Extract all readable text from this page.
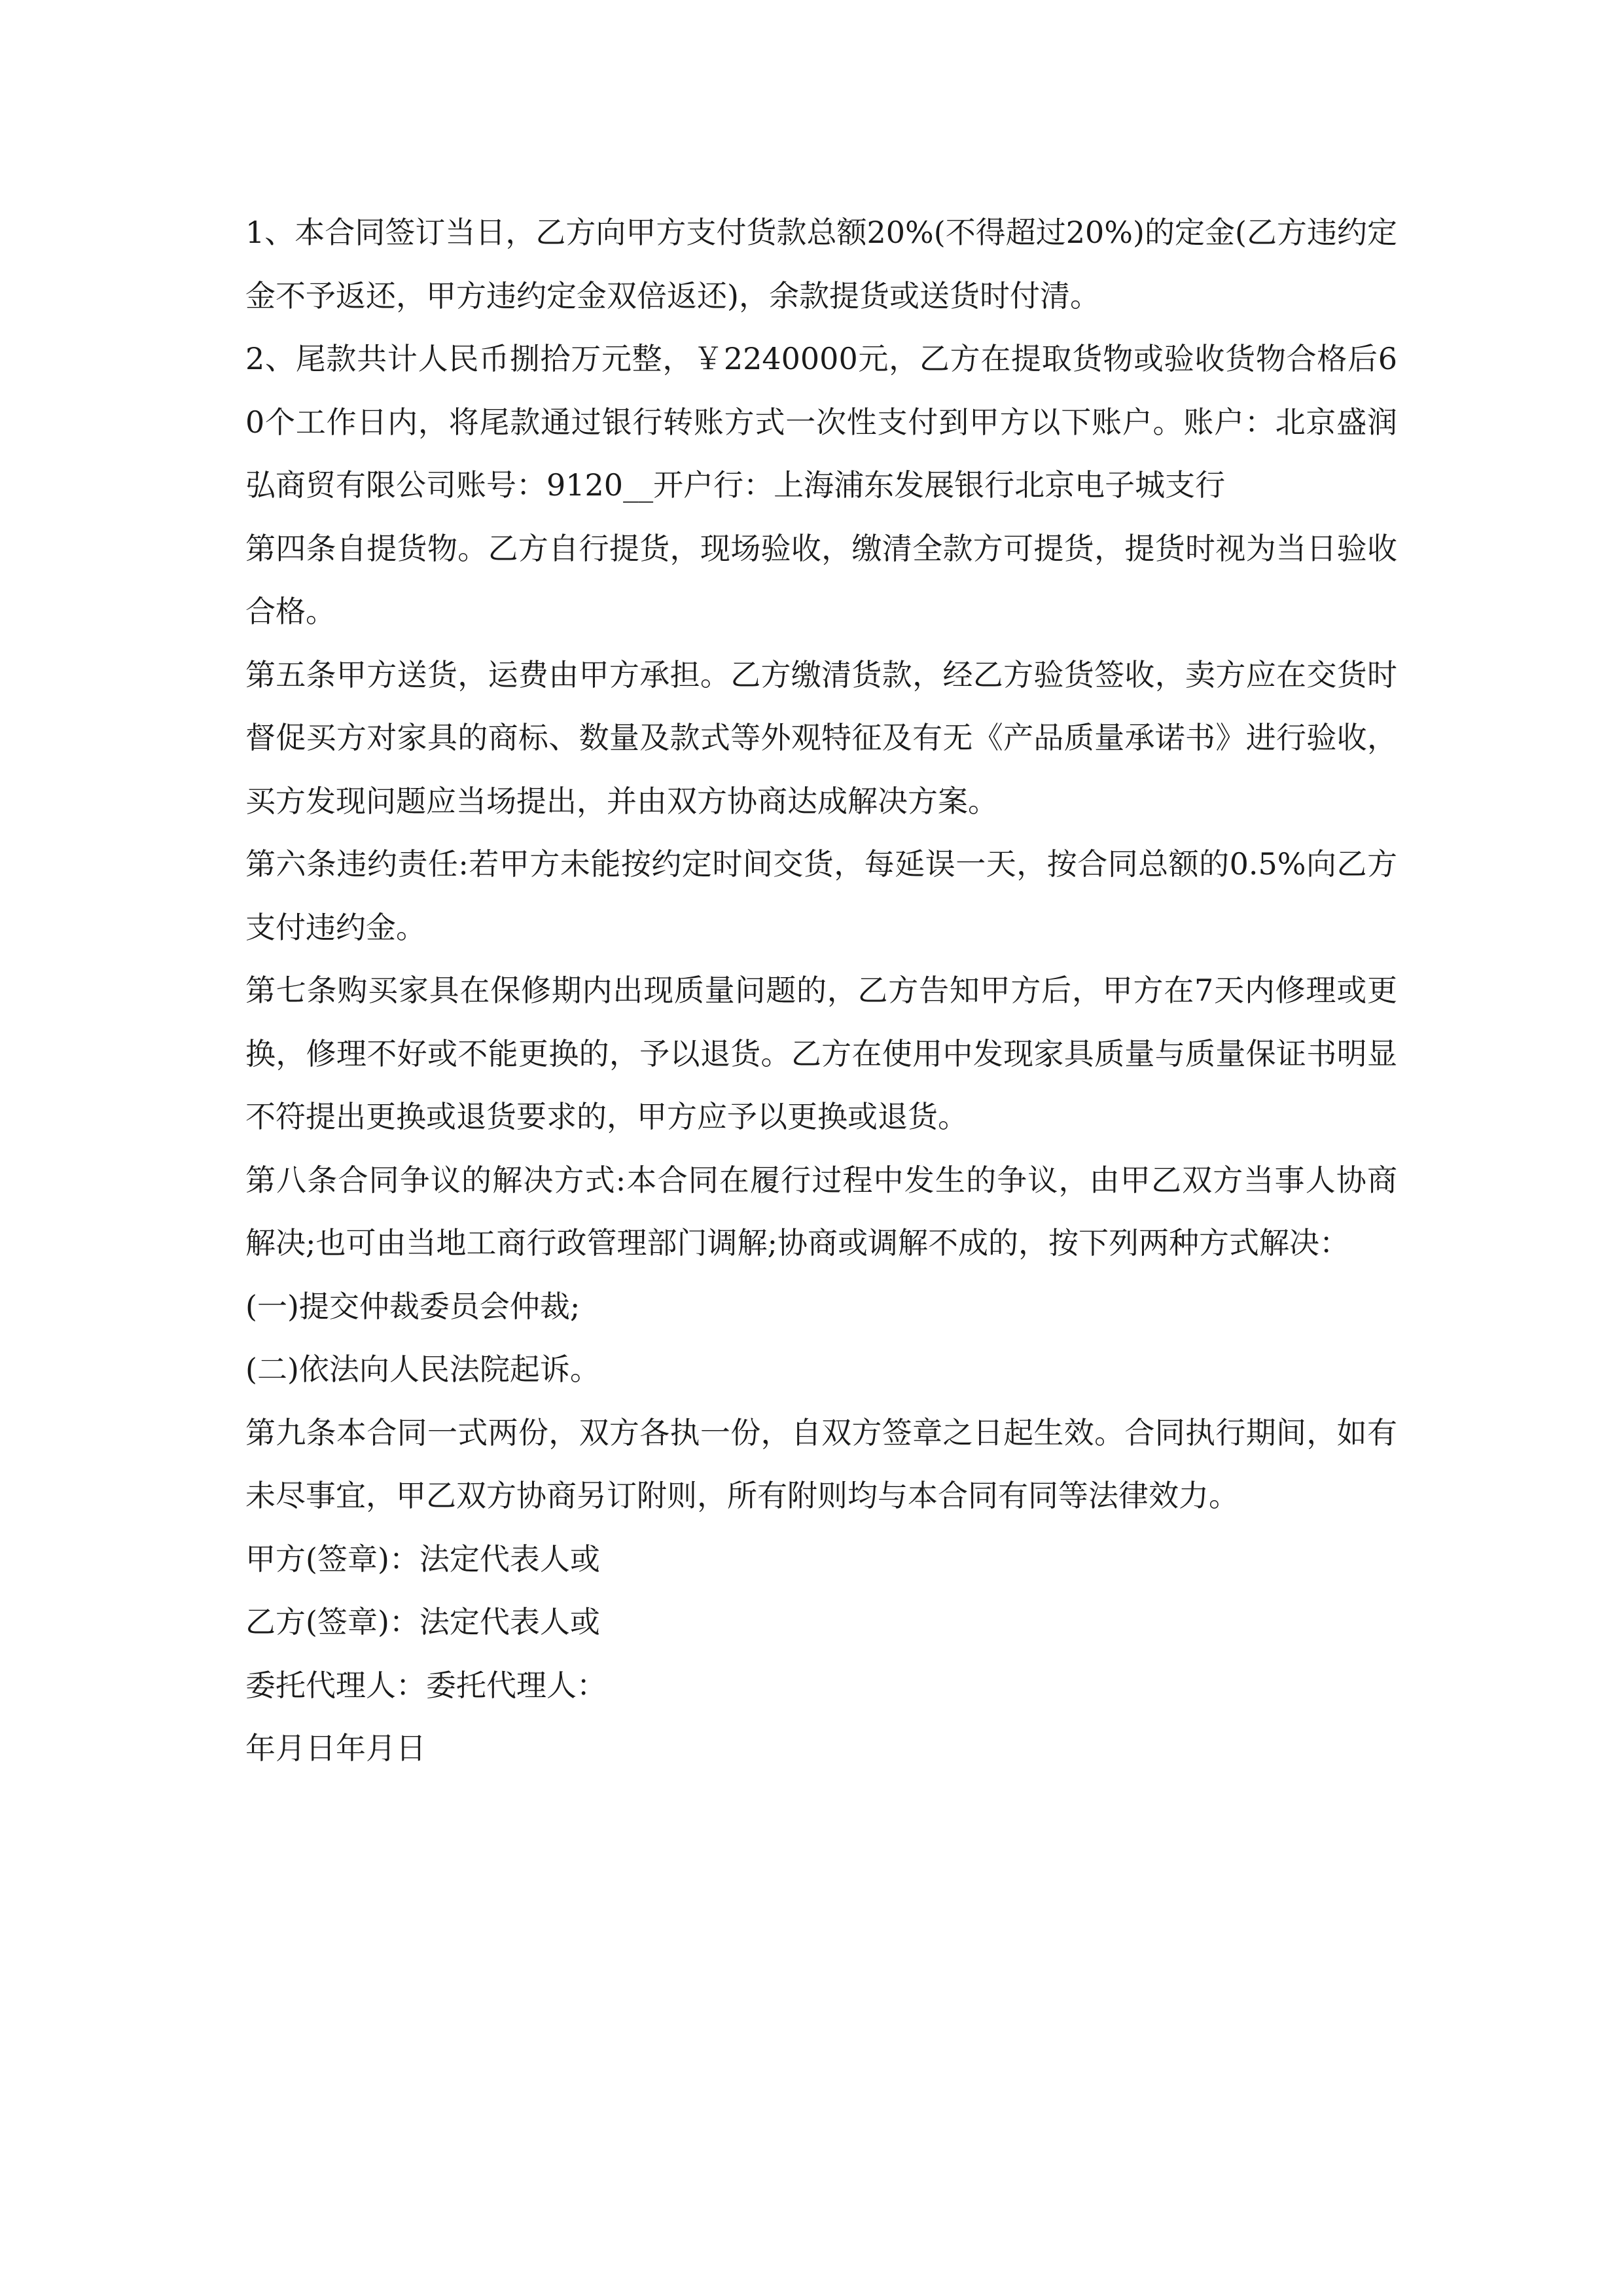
1、本合同签订当日，乙方向甲方支付货款总额20%(不得超过20%)的定金(乙方违约定金不予返还，甲方违约定金双倍返还)，余款提货或送货时付清。

2、尾款共计人民币捌拾万元整，￥2240000元，乙方在提取货物或验收货物合格后60个工作日内，将尾款通过银行转账方式一次性支付到甲方以下账户。账户：北京盛润弘商贸有限公司账号：9120__开户行：上海浦东发展银行北京电子城支行

第四条自提货物。乙方自行提货，现场验收，缴清全款方可提货，提货时视为当日验收合格。

第五条甲方送货，运费由甲方承担。乙方缴清货款，经乙方验货签收，卖方应在交货时督促买方对家具的商标、数量及款式等外观特征及有无《产品质量承诺书》进行验收，买方发现问题应当场提出，并由双方协商达成解决方案。

第六条违约责任:若甲方未能按约定时间交货，每延误一天，按合同总额的0.5%向乙方支付违约金。

第七条购买家具在保修期内出现质量问题的，乙方告知甲方后，甲方在7天内修理或更换，修理不好或不能更换的，予以退货。乙方在使用中发现家具质量与质量保证书明显不符提出更换或退货要求的，甲方应予以更换或退货。

第八条合同争议的解决方式:本合同在履行过程中发生的争议，由甲乙双方当事人协商解决;也可由当地工商行政管理部门调解;协商或调解不成的，按下列两种方式解决：

(一)提交仲裁委员会仲裁;

(二)依法向人民法院起诉。

第九条本合同一式两份，双方各执一份，自双方签章之日起生效。合同执行期间，如有未尽事宜，甲乙双方协商另订附则，所有附则均与本合同有同等法律效力。

甲方(签章)：法定代表人或

乙方(签章)：法定代表人或

委托代理人：委托代理人：

年月日年月日
